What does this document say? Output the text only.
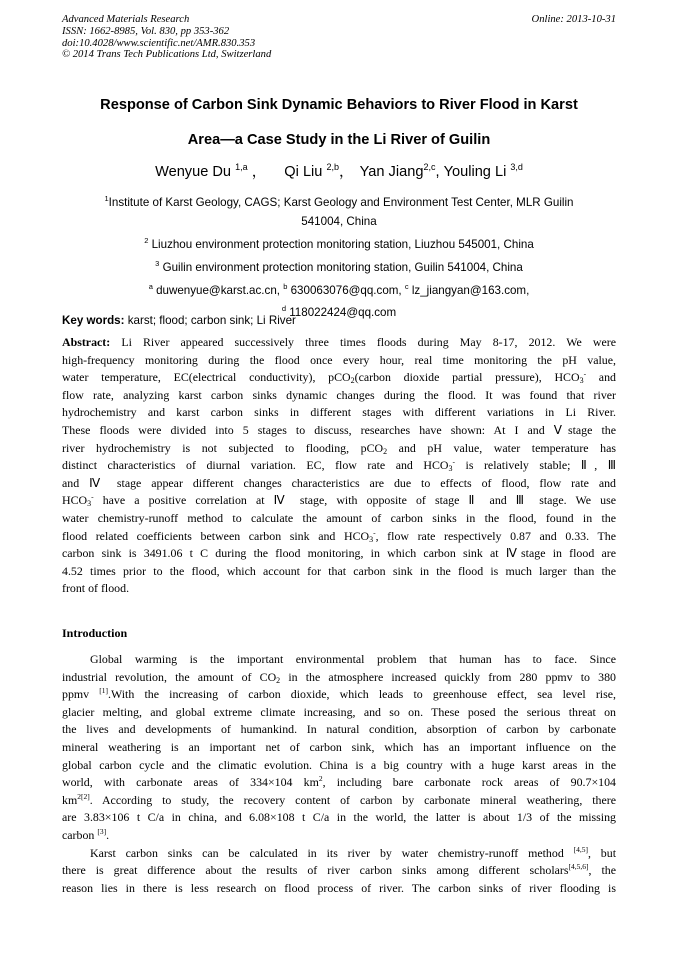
Advanced Materials Research
ISSN: 1662-8985, Vol. 830, pp 353-362
doi:10.4028/www.scientific.net/AMR.830.353
© 2014 Trans Tech Publications Ltd, Switzerland
Online: 2013-10-31
Response of Carbon Sink Dynamic Behaviors to River Flood in Karst
Area—a Case Study in the Li River of Guilin
Wenyue Du $^{1,a}$ ， Qi Liu $^{2,b}$， Yan Jiang$^{2,c}$, Youling Li $^{3,d}$
$^1$Institute of Karst Geology, CAGS; Karst Geology and Environment Test Center, MLR Guilin
541004, China
$^2$ Liuzhou environment protection monitoring station, Liuzhou 545001, China
$^3$ Guilin environment protection monitoring station, Guilin 541004, China
$^a$ duwenyue@karst.ac.cn, $^b$ 630063076@qq.com, $^c$ lz_jiangyan@163.com,
$^d$ 118022424@qq.com
Key words: karst; flood; carbon sink; Li River
Abstract: Li River appeared successively three times floods during May 8-17, 2012. We were
high-frequency monitoring during the flood once every hour, real time monitoring the pH value,
water temperature, EC(electrical conductivity), pCO$_2$(carbon dioxide partial pressure), $HCO_3^-$ and
flow rate, analyzing karst carbon sinks dynamic changes during the flood. It was found that river
hydrochemistry and karst carbon sinks in different stages with different variations in Li River.
These floods were divided into 5 stages to discuss, researches have shown: At I and Ⅴstage the
river hydrochemistry is not subjected to flooding, pCO$_2$ and pH value, water temperature has
distinct characteristics of diurnal variation. EC, flow rate and $HCO_3^-$ is relatively stable; Ⅱ, Ⅲ
and Ⅳ stage appear different changes characteristics are due to effects of flood, flow rate and
$HCO_3^-$ have a positive correlation at Ⅳ stage, with opposite of stage Ⅱ and Ⅲ stage. We use
water chemistry-runoff method to calculate the amount of carbon sinks in the flood, found in the
flood related coefficients between carbon sink and $HCO_3^-$, flow rate respectively 0.87 and 0.33. The
carbon sink is 3491.06 t C during the flood monitoring, in which carbon sink at Ⅳstage in flood are
4.52 times prior to the flood, which account for that carbon sink in the flood is much larger than the
front of flood.
Introduction
Global warming is the important environmental problem that human has to face. Since
industrial revolution, the amount of $CO_2$ in the atmosphere increased quickly from 280 ppmv to 380
ppmv [1].With the increasing of carbon dioxide, which leads to greenhouse effect, sea level rise,
glacier melting, and global extreme climate increasing, and so on. These posed the serious threat on
the lives and developments of humankind. In natural condition, absorption of carbon by carbonate
mineral weathering is an important net of carbon sink, which has an important influence on the
global carbon cycle and the climatic evolution. China is a big country with a huge karst areas in the
world, with carbonate areas of 334×104 $km^2$, including bare carbonate rock areas of 90.7×104
$km^{2[2]}$. According to study, the recovery content of carbon by carbonate mineral weathering, there
are 3.83×106 t C/a in china, and 6.08×108 t C/a in the world, the latter is about 1/3 of the missing
carbon [3].
Karst carbon sinks can be calculated in its river by water chemistry-runoff method [4,5], but
there is great difference about the results of river carbon sinks among different scholars[4,5,6], the
reason lies in there is less research on flood process of river. The carbon sinks of river flooding is
